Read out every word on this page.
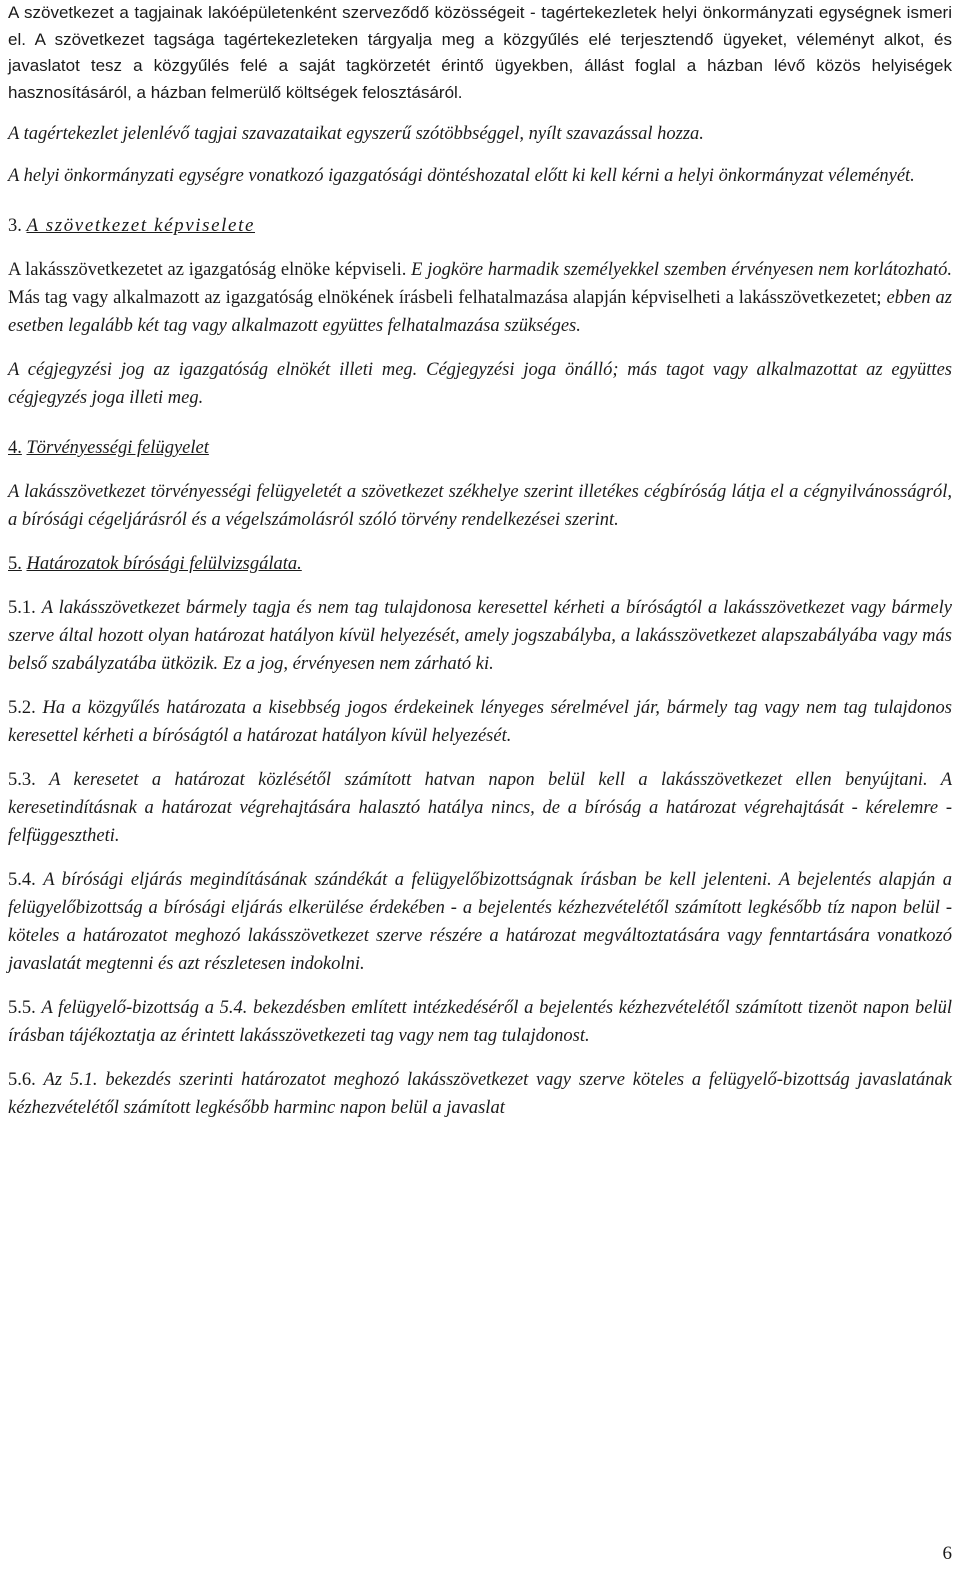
A szövetkezet a tagjainak lakóépületenként szerveződő közösségeit - tagértekezletek helyi önkormányzati egységnek ismeri el. A szövetkezet tagsága tagértekezleteken tárgyalja meg a közgyűlés elé terjesztendő ügyeket, véleményt alkot, és javaslatot tesz a közgyűlés felé a saját tagkörzetét érintő ügyekben, állást foglal a házban lévő közös helyiségek hasznosításáról, a házban felmerülő költségek felosztásáról.

A tagértekezlet jelenlévő tagjai szavazataikat egyszerű szótöbbséggel, nyílt szavazással hozza.

A helyi önkormányzati egységre vonatkozó igazgatósági döntéshozatal előtt ki kell kérni a helyi önkormányzat véleményét.

3. A szövetkezet képviselete

A lakásszövetkezetet az igazgatóság elnöke képviseli. E jogköre harmadik személyekkel szemben érvényesen nem korlátozható. Más tag vagy alkalmazott az igazgatóság elnökének írásbeli felhatalmazása alapján képviselheti a lakásszövetkezetet; ebben az esetben legalább két tag vagy alkalmazott együttes felhatalmazása szükséges.

A cégjegyzési jog az igazgatóság elnökét illeti meg. Cégjegyzési joga önálló; más tagot vagy alkalmazottat az együttes cégjegyzés joga illeti meg.

4. Törvényességi felügyelet

A lakásszövetkezet törvényességi felügyeletét a szövetkezet székhelye szerint illetékes cégbíróság látja el a cégnyilvánosságról, a bírósági cégeljárásról és a végelszámolásról szóló törvény rendelkezései szerint.

5. Határozatok bírósági felülvizsgálata.

5.1. A lakásszövetkezet bármely tagja és nem tag tulajdonosa keresettel kérheti a bíróságtól a lakásszövetkezet vagy bármely szerve által hozott olyan határozat hatályon kívül helyezését, amely jogszabályba, a lakásszövetkezet alapszabályába vagy más belső szabályzatába ütközik. Ez a jog, érvényesen nem zárható ki.

5.2. Ha a közgyűlés határozata a kisebbség jogos érdekeinek lényeges sérelmével jár, bármely tag vagy nem tag tulajdonos keresettel kérheti a bíróságtól a határozat hatályon kívül helyezését.

5.3. A keresetet a határozat közlésétől számított hatvan napon belül kell a lakásszövetkezet ellen benyújtani. A keresetindításnak a határozat végrehajtására halasztó hatálya nincs, de a bíróság a határozat végrehajtását - kérelemre - felfüggesztheti.

5.4. A bírósági eljárás megindításának szándékát a felügyelőbizottságnak írásban be kell jelenteni. A bejelentés alapján a felügyelőbizottság a bírósági eljárás elkerülése érdekében - a bejelentés kézhezvételétől számított legkésőbb tíz napon belül - köteles a határozatot meghozó lakásszövetkezet szerve részére a határozat megváltoztatására vagy fenntartására vonatkozó javaslatát megtenni és azt részletesen indokolni.

5.5. A felügyelő-bizottság a 5.4. bekezdésben említett intézkedéséről a bejelentés kézhezvételétől számított tizenöt napon belül írásban tájékoztatja az érintett lakásszövetkezeti tag vagy nem tag tulajdonost.

5.6. Az 5.1. bekezdés szerinti határozatot meghozó lakásszövetkezet vagy szerve köteles a felügyelő-bizottság javaslatának kézhezvételétől számított legkésőbb harminc napon belül a javaslat

6
